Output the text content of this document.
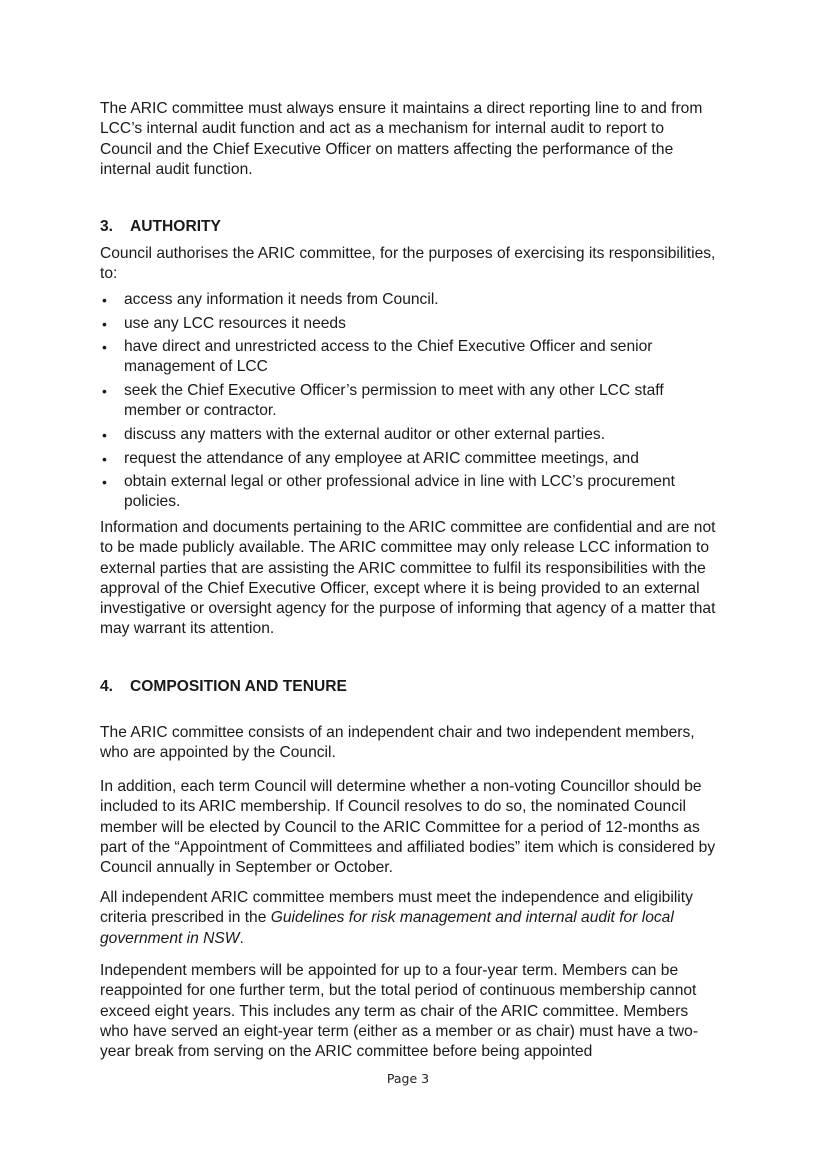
The ARIC committee must always ensure it maintains a direct reporting line to and from LCC’s internal audit function and act as a mechanism for internal audit to report to Council and the Chief Executive Officer on matters affecting the performance of the internal audit function.

3. AUTHORITY

Council authorises the ARIC committee, for the purposes of exercising its responsibilities, to:

• access any information it needs from Council.
• use any LCC resources it needs
• have direct and unrestricted access to the Chief Executive Officer and senior management of LCC
• seek the Chief Executive Officer’s permission to meet with any other LCC staff member or contractor.
• discuss any matters with the external auditor or other external parties.
• request the attendance of any employee at ARIC committee meetings, and
• obtain external legal or other professional advice in line with LCC’s procurement policies.

Information and documents pertaining to the ARIC committee are confidential and are not to be made publicly available. The ARIC committee may only release LCC information to external parties that are assisting the ARIC committee to fulfil its responsibilities with the approval of the Chief Executive Officer, except where it is being provided to an external investigative or oversight agency for the purpose of informing that agency of a matter that may warrant its attention.

4. COMPOSITION AND TENURE

The ARIC committee consists of an independent chair and two independent members, who are appointed by the Council.

In addition, each term Council will determine whether a non-voting Councillor should be included to its ARIC membership. If Council resolves to do so, the nominated Council member will be elected by Council to the ARIC Committee for a period of 12-months as part of the “Appointment of Committees and affiliated bodies” item which is considered by Council annually in September or October.

All independent ARIC committee members must meet the independence and eligibility criteria prescribed in the Guidelines for risk management and internal audit for local government in NSW.

Independent members will be appointed for up to a four-year term. Members can be reappointed for one further term, but the total period of continuous membership cannot exceed eight years. This includes any term as chair of the ARIC committee. Members who have served an eight-year term (either as a member or as chair) must have a two-year break from serving on the ARIC committee before being appointed

Page 3
